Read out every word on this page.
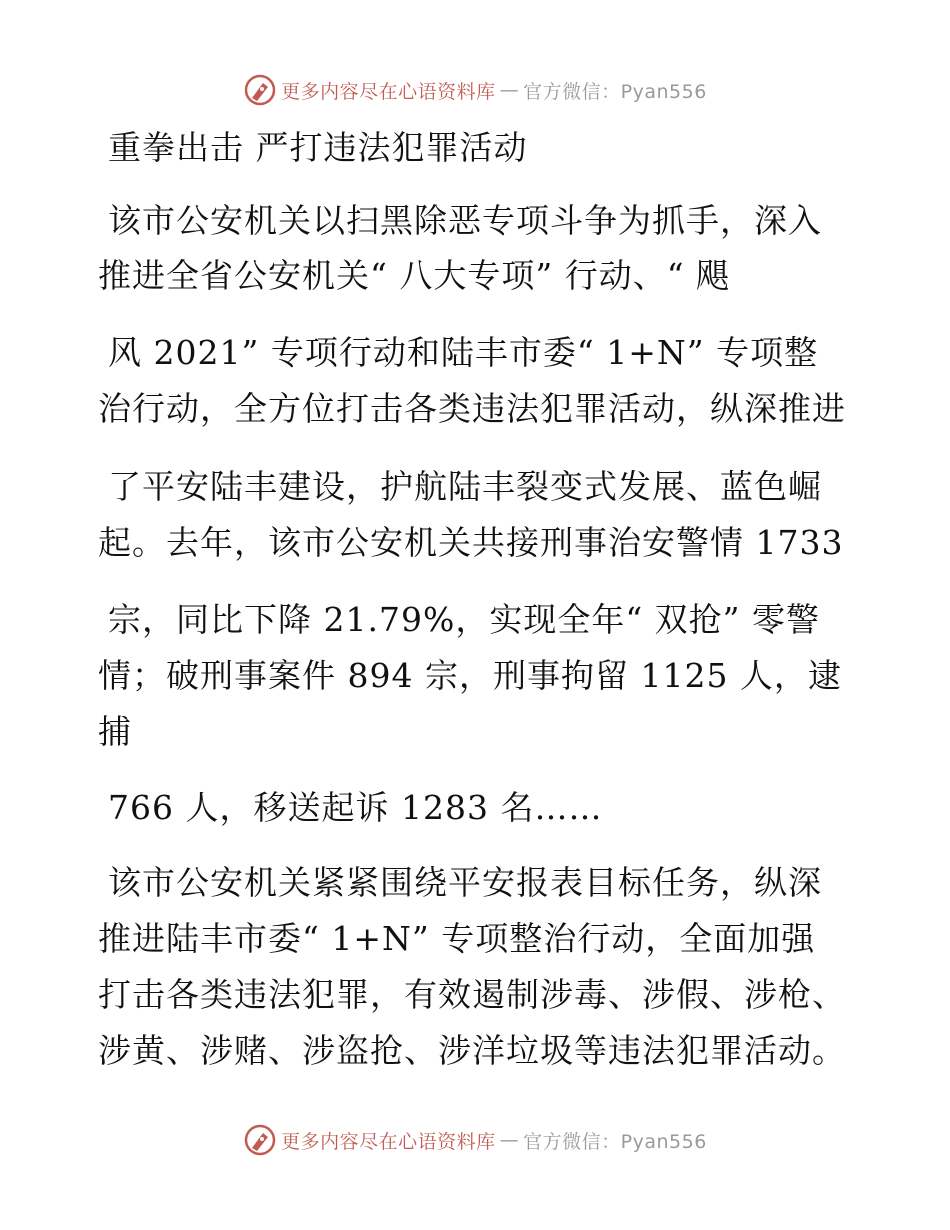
更多内容尽在心语资料库 — 官方微信：Pyan556
重拳出击 严打违法犯罪活动
该市公安机关以扫黑除恶专项斗争为抓手，深入
推进全省公安机关“ 八大专项” 行动、“ 飓
风 2021” 专项行动和陆丰市委“ 1+N” 专项整
治行动，全方位打击各类违法犯罪活动，纵深推进
了平安陆丰建设，护航陆丰裂变式发展、蓝色崛
起。去年，该市公安机关共接刑事治安警情 1733
宗，同比下降 21.79%，实现全年“ 双抢” 零警
情；破刑事案件 894 宗，刑事拘留 1125 人，逮
捕
766 人，移送起诉 1283 名……
该市公安机关紧紧围绕平安报表目标任务，纵深
推进陆丰市委“ 1+N” 专项整治行动，全面加强
打击各类违法犯罪，有效遏制涉毒、涉假、涉枪、
涉黄、涉赌、涉盗抢、涉洋垃圾等违法犯罪活动。
更多内容尽在心语资料库 — 官方微信：Pyan556
